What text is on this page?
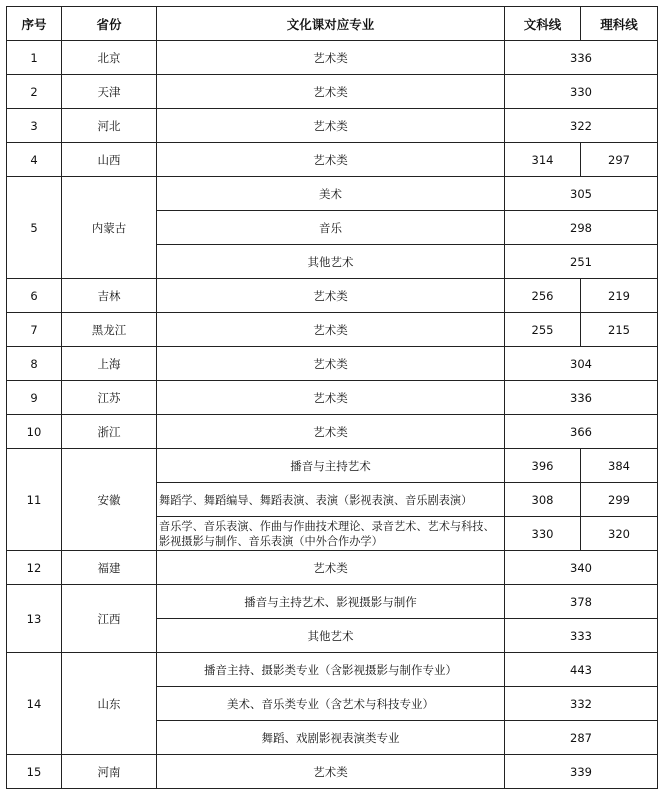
序号	省份	文化课对应专业	文科线	理科线
1	北京	艺术类	336	
2	天津	艺术类	330	
3	河北	艺术类	322	
4	山西	艺术类	314	297
5	内蒙古	美术	305	
		音乐	298	
		其他艺术	251	
6	吉林	艺术类	256	219
7	黑龙江	艺术类	255	215
8	上海	艺术类	304	
9	江苏	艺术类	336	
10	浙江	艺术类	366	
11	安徽	播音与主持艺术	396	384
		舞蹈学、舞蹈编导、舞蹈表演、表演（影视表演、音乐剧表演）	308	299
		音乐学、音乐表演、作曲与作曲技术理论、录音艺术、艺术与科技、影视摄影与制作、音乐表演（中外合作办学）	330	320
12	福建	艺术类	340	
13	江西	播音与主持艺术、影视摄影与制作	378	
		其他艺术	333	
14	山东	播音主持、摄影类专业（含影视摄影与制作专业）	443	
		美术、音乐类专业（含艺术与科技专业）	332	
		舞蹈、戏剧影视表演类专业	287	
15	河南	艺术类	339	
